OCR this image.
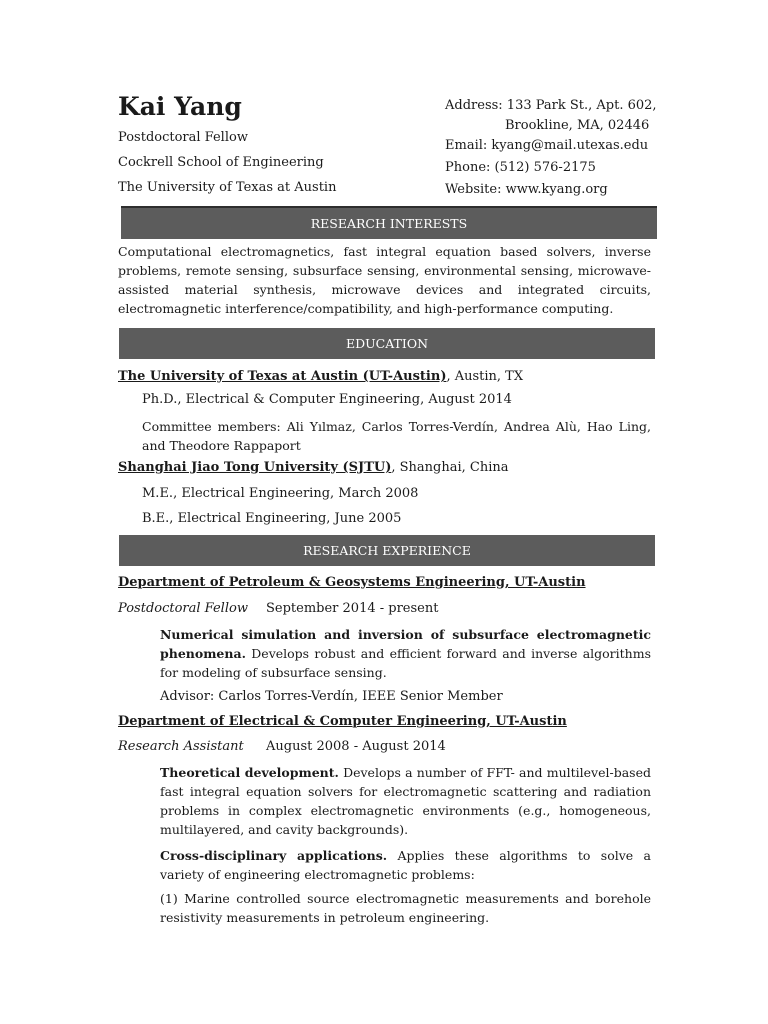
Kai Yang
Postdoctoral Fellow
Cockrell School of Engineering
The University of Texas at Austin
Address: 133 Park St., Apt. 602,
Brookline, MA, 02446
Email: kyang@mail.utexas.edu
Phone: (512) 576-2175
Website: www.kyang.org
RESEARCH INTERESTS
Computational electromagnetics, fast integral equation based solvers, inverse problems, remote sensing, subsurface sensing, environmental sensing, microwave-assisted material synthesis, microwave devices and integrated circuits, electromagnetic interference/compatibility, and high-performance computing.
EDUCATION
The University of Texas at Austin (UT-Austin), Austin, TX
Ph.D., Electrical & Computer Engineering, August 2014
Committee members: Ali Yılmaz, Carlos Torres-Verdín, Andrea Alù, Hao Ling, and Theodore Rappaport
Shanghai Jiao Tong University (SJTU), Shanghai, China
M.E., Electrical Engineering, March 2008
B.E., Electrical Engineering, June 2005
RESEARCH EXPERIENCE
Department of Petroleum & Geosystems Engineering, UT-Austin
Postdoctoral Fellow September 2014 - present
Numerical simulation and inversion of subsurface electromagnetic phenomena. Develops robust and efficient forward and inverse algorithms for modeling of subsurface sensing.
Advisor: Carlos Torres-Verdín, IEEE Senior Member
Department of Electrical & Computer Engineering, UT-Austin
Research Assistant August 2008 - August 2014
Theoretical development. Develops a number of FFT- and multilevel-based fast integral equation solvers for electromagnetic scattering and radiation problems in complex electromagnetic environments (e.g., homogeneous, multilayered, and cavity backgrounds).
Cross-disciplinary applications. Applies these algorithms to solve a variety of engineering electromagnetic problems:
(1) Marine controlled source electromagnetic measurements and borehole resistivity measurements in petroleum engineering.
